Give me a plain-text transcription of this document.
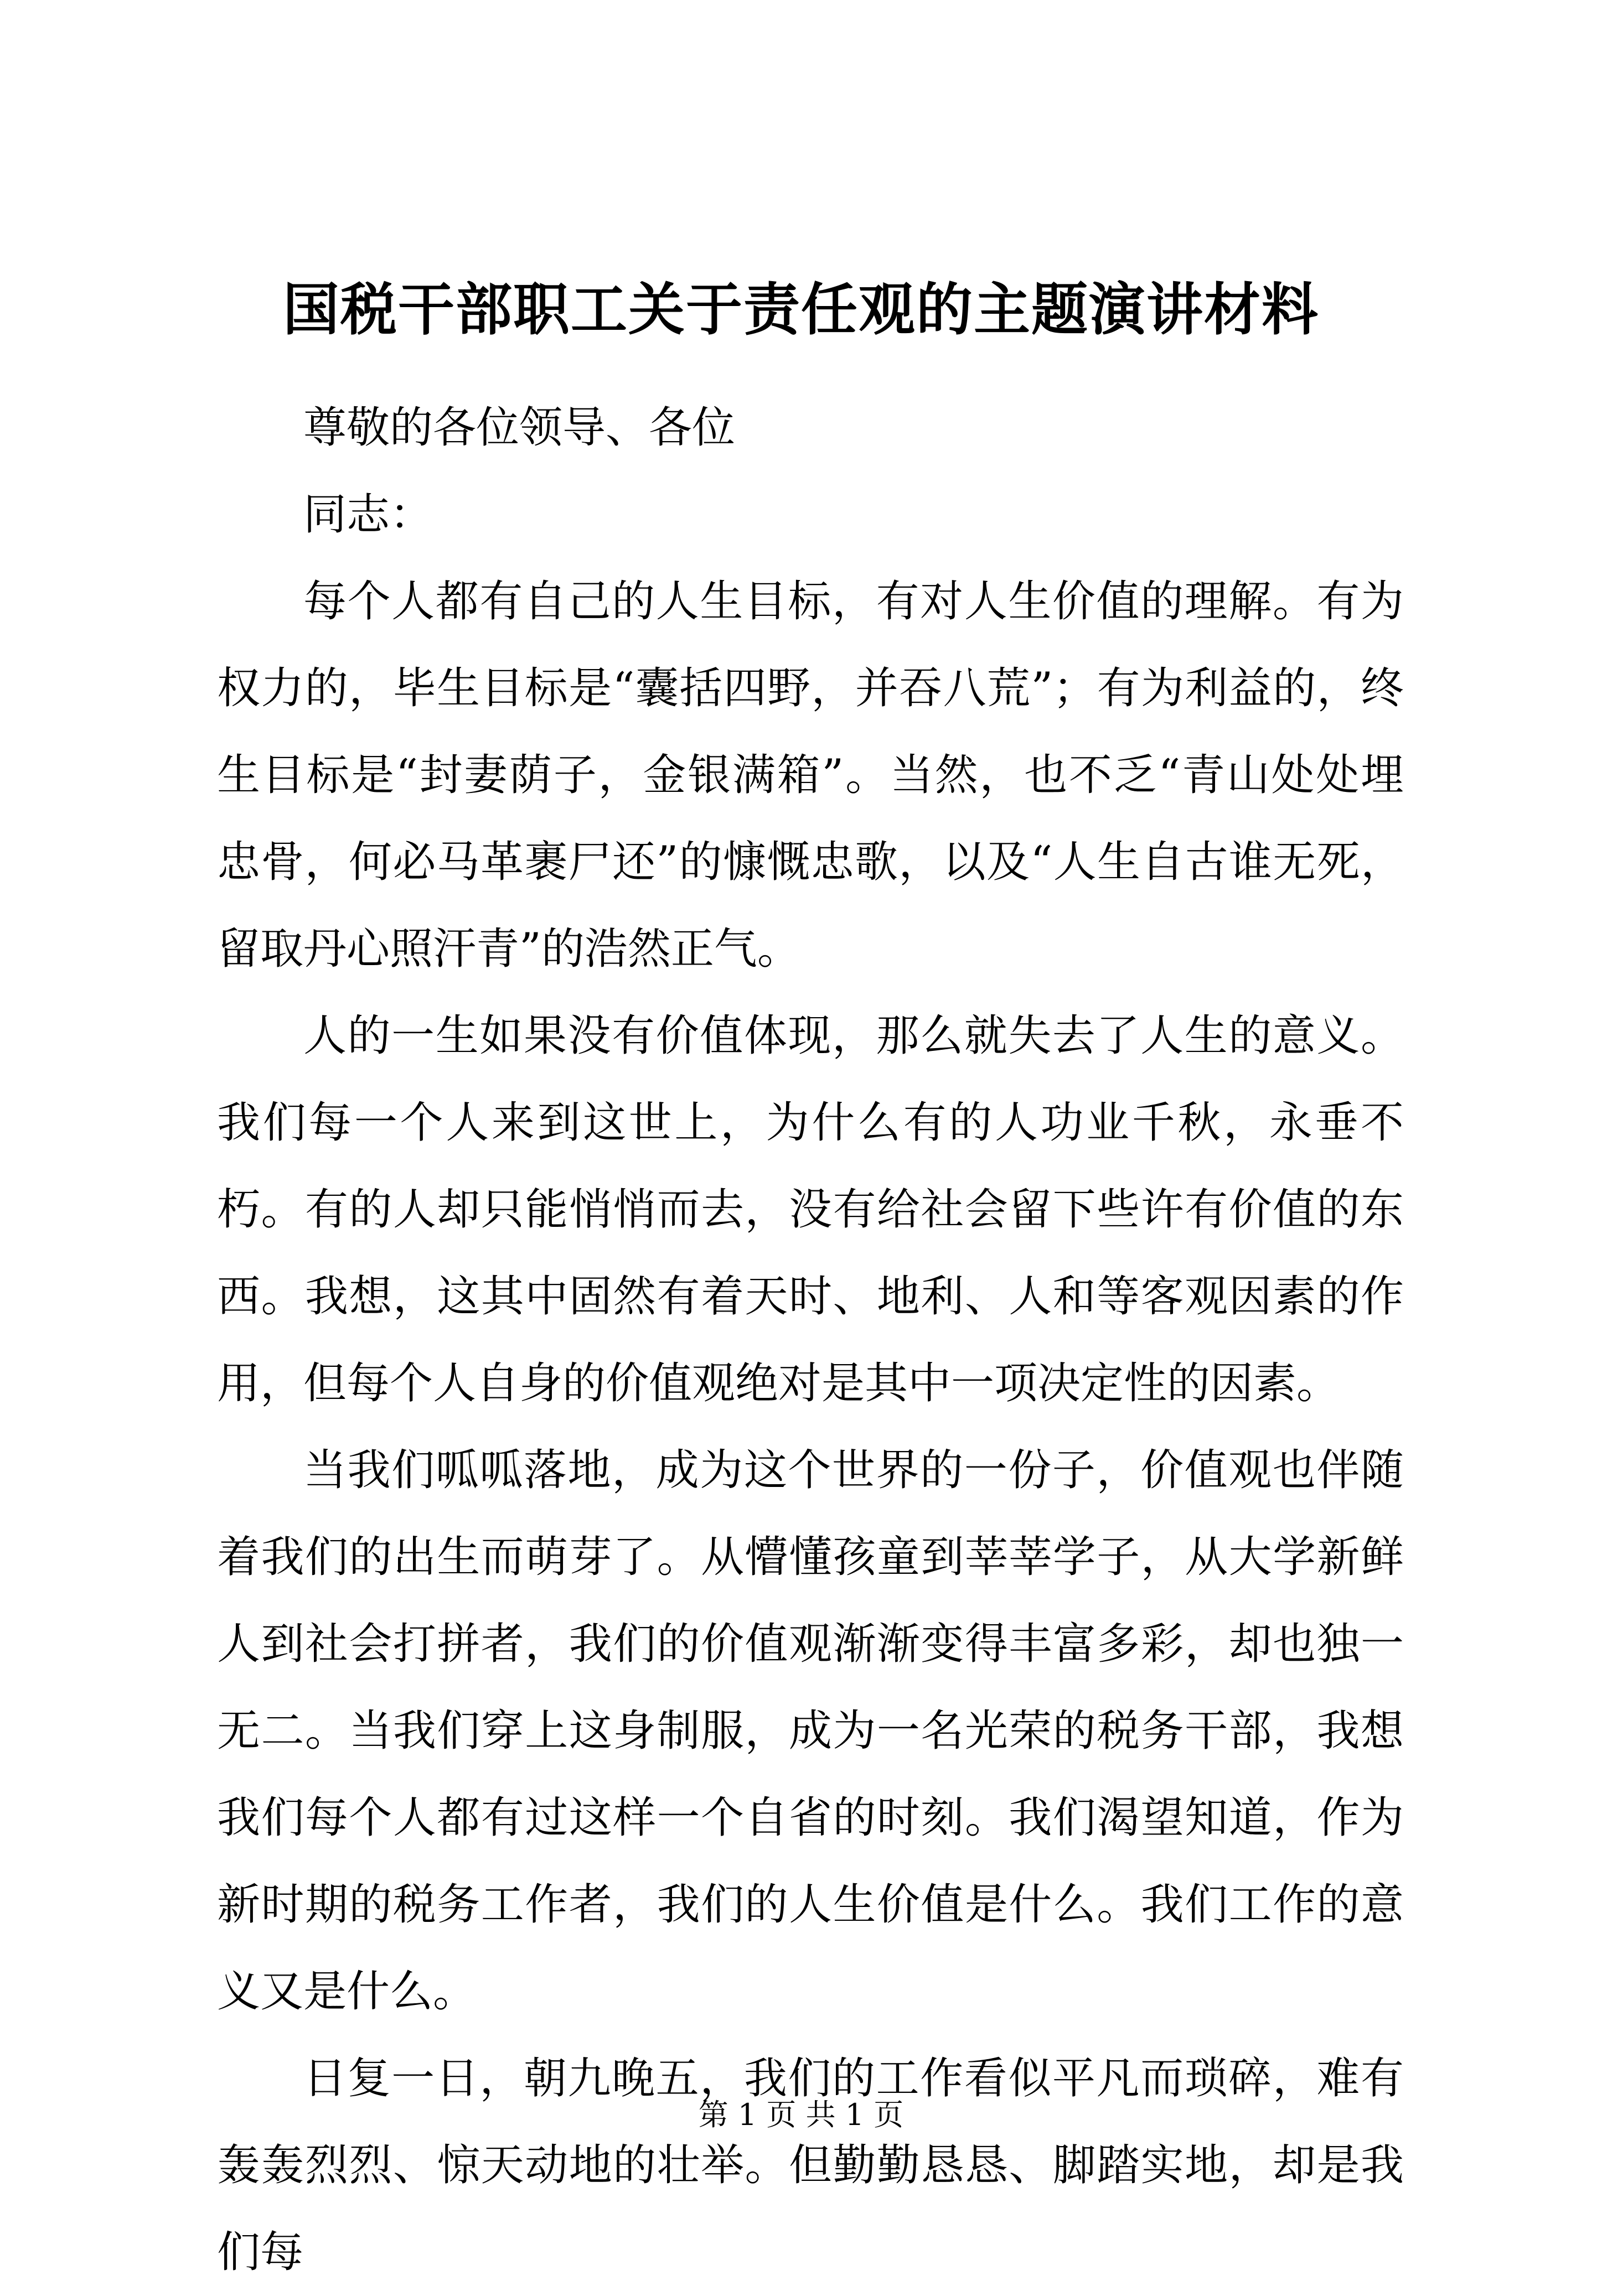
国税干部职工关于责任观的主题演讲材料

尊敬的各位领导、各位

同志：

每个人都有自己的人生目标，有对人生价值的理解。有为权力的，毕生目标是“囊括四野，并吞八荒”；有为利益的，终生目标是“封妻荫子，金银满箱”。当然，也不乏“青山处处埋忠骨，何必马革裹尸还”的慷慨忠歌，以及“人生自古谁无死，留取丹心照汗青”的浩然正气。

人的一生如果没有价值体现，那么就失去了人生的意义。我们每一个人来到这世上，为什么有的人功业千秋，永垂不朽。有的人却只能悄悄而去，没有给社会留下些许有价值的东西。我想，这其中固然有着天时、地利、人和等客观因素的作用，但每个人自身的价值观绝对是其中一项决定性的因素。

当我们呱呱落地，成为这个世界的一份子，价值观也伴随着我们的出生而萌芽了。从懵懂孩童到莘莘学子，从大学新鲜人到社会打拼者，我们的价值观渐渐变得丰富多彩，却也独一无二。当我们穿上这身制服，成为一名光荣的税务干部，我想我们每个人都有过这样一个自省的时刻。我们渴望知道，作为新时期的税务工作者，我们的人生价值是什么。我们工作的意义又是什么。

日复一日，朝九晚五，我们的工作看似平凡而琐碎，难有轰轰烈烈、惊天动地的壮举。但勤勤恳恳、脚踏实地，却是我们每

第 1 页 共 1 页
